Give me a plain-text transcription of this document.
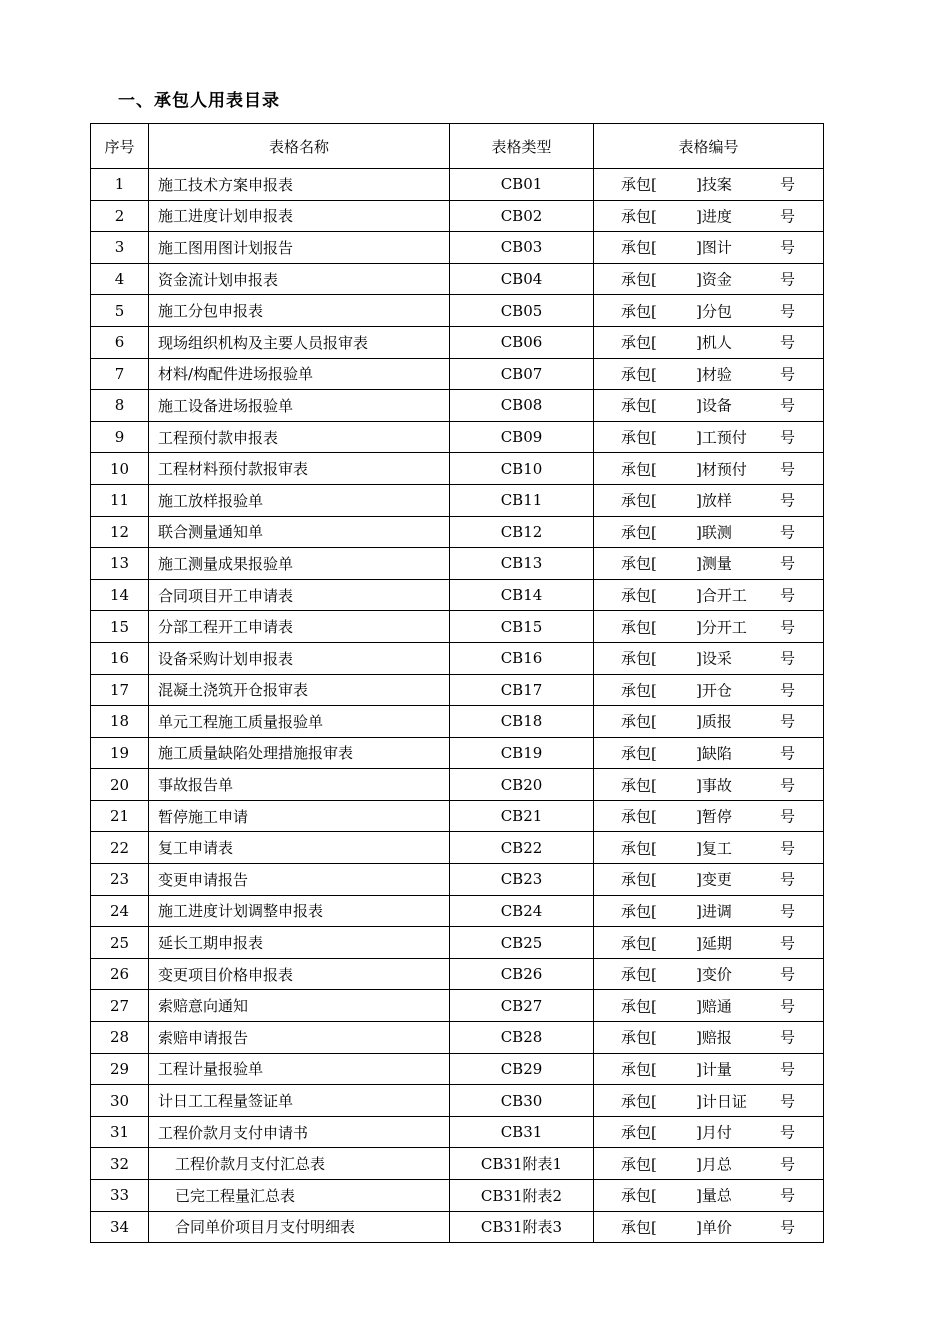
一、承包人用表目录
序号	表格名称	表格类型	表格编号
1	施工技术方案申报表	CB01	承包[ ]技案 号

2	施工进度计划申报表	CB02	承包[ ]进度 号

3	施工图用图计划报告	CB03	承包[ ]图计 号

4	资金流计划申报表	CB04	承包[ ]资金 号

5	施工分包申报表	CB05	承包[ ]分包 号

6	现场组织机构及主要人员报审表	CB06	承包[ ]机人 号

7	材料/构配件进场报验单	CB07	承包[ ]材验 号

8	施工设备进场报验单	CB08	承包[ ]设备 号

9	工程预付款申报表	CB09	承包[ ]工预付 号

10	工程材料预付款报审表	CB10	承包[ ]材预付 号

11	施工放样报验单	CB11	承包[ ]放样 号

12	联合测量通知单	CB12	承包[ ]联测 号

13	施工测量成果报验单	CB13	承包[ ]测量 号

14	合同项目开工申请表	CB14	承包[ ]合开工 号

15	分部工程开工申请表	CB15	承包[ ]分开工 号

16	设备采购计划申报表	CB16	承包[ ]设采 号

17	混凝土浇筑开仓报审表	CB17	承包[ ]开仓 号

18	单元工程施工质量报验单	CB18	承包[ ]质报 号

19	施工质量缺陷处理措施报审表	CB19	承包[ ]缺陷 号

20	事故报告单	CB20	承包[ ]事故 号

21	暂停施工申请	CB21	承包[ ]暂停 号

22	复工申请表	CB22	承包[ ]复工 号

23	变更申请报告	CB23	承包[ ]变更 号

24	施工进度计划调整申报表	CB24	承包[ ]进调 号

25	延长工期申报表	CB25	承包[ ]延期 号

26	变更项目价格申报表	CB26	承包[ ]变价 号

27	索赔意向通知	CB27	承包[ ]赔通 号

28	索赔申请报告	CB28	承包[ ]赔报 号

29	工程计量报验单	CB29	承包[ ]计量 号

30	计日工工程量签证单	CB30	承包[ ]计日证 号

31	工程价款月支付申请书	CB31	承包[ ]月付 号

32	工程价款月支付汇总表	CB31附表1	承包[ ]月总 号

33	已完工程量汇总表	CB31附表2	承包[ ]量总 号

34	合同单价项目月支付明细表	CB31附表3	承包[ ]单价 号
